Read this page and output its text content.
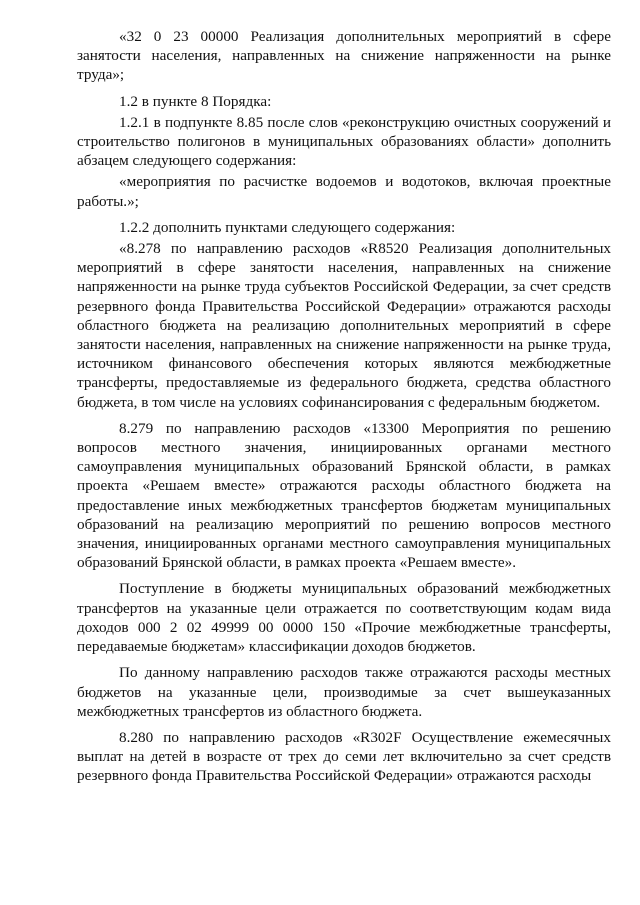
«32 0 23 00000 Реализация дополнительных мероприятий в сфере занятости населения, направленных на снижение напряженности на рынке труда»;

1.2 в пункте 8 Порядка:

1.2.1 в подпункте 8.85 после слов «реконструкцию очистных сооружений и строительство полигонов в муниципальных образованиях области» дополнить абзацем следующего содержания:

«мероприятия по расчистке водоемов и водотоков, включая проектные работы.»;

1.2.2 дополнить пунктами следующего содержания:

«8.278 по направлению расходов «R8520 Реализация дополнительных мероприятий в сфере занятости населения, направленных на снижение напряженности на рынке труда субъектов Российской Федерации, за счет средств резервного фонда Правительства Российской Федерации» отражаются расходы областного бюджета на реализацию дополнительных мероприятий в сфере занятости населения, направленных на снижение напряженности на рынке труда, источником финансового обеспечения которых являются межбюджетные трансферты, предоставляемые из федерального бюджета, средства областного бюджета, в том числе на условиях софинансирования с федеральным бюджетом.

8.279 по направлению расходов «13300 Мероприятия по решению вопросов местного значения, инициированных органами местного самоуправления муниципальных образований Брянской области, в рамках проекта «Решаем вместе» отражаются расходы областного бюджета на предоставление иных межбюджетных трансфертов бюджетам муниципальных образований на реализацию мероприятий по решению вопросов местного значения, инициированных органами местного самоуправления муниципальных образований Брянской области, в рамках проекта «Решаем вместе».

Поступление в бюджеты муниципальных образований межбюджетных трансфертов на указанные цели отражается по соответствующим кодам вида доходов 000 2 02 49999 00 0000 150 «Прочие межбюджетные трансферты, передаваемые бюджетам» классификации доходов бюджетов.

По данному направлению расходов также отражаются расходы местных бюджетов на указанные цели, производимые за счет вышеуказанных межбюджетных трансфертов из областного бюджета.

8.280 по направлению расходов «R302F Осуществление ежемесячных выплат на детей в возрасте от трех до семи лет включительно за счет средств резервного фонда Правительства Российской Федерации» отражаются расходы
